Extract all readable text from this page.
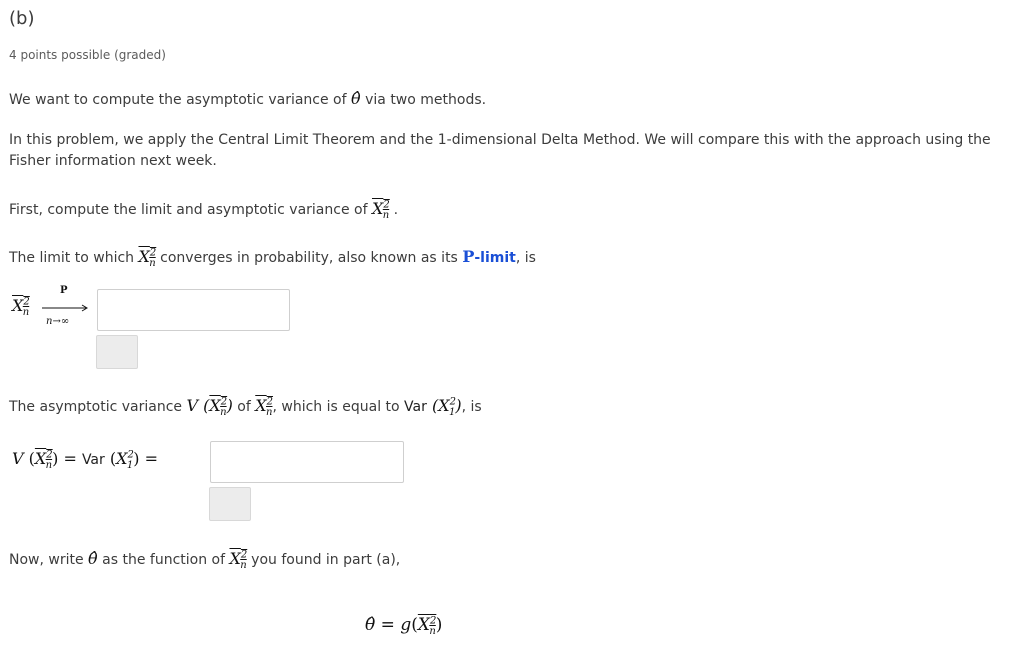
(b)
4 points possible (graded)
We want to compute the asymptotic variance of θ̂ via two methods.
In this problem, we apply the Central Limit Theorem and the 1-dimensional Delta Method. We will compare this with the approach using the
Fisher information next week.
First, compute the limit and asymptotic variance of $X^2_n$ .
The limit to which $X^2_n$ converges in probability, also known as its P-limit, is
$X^2_n$
P
n→∞
The asymptotic variance V $(X^2_n)$ of $X^2_n$, which is equal to Var $(X^2_1)$, is
V $(X^2_n)$ = Var $(X^2_1)$ =
Now, write θ̂ as the function of $X^2_n$ you found in part (a),
θ̂ = $g(X^2_n)$
